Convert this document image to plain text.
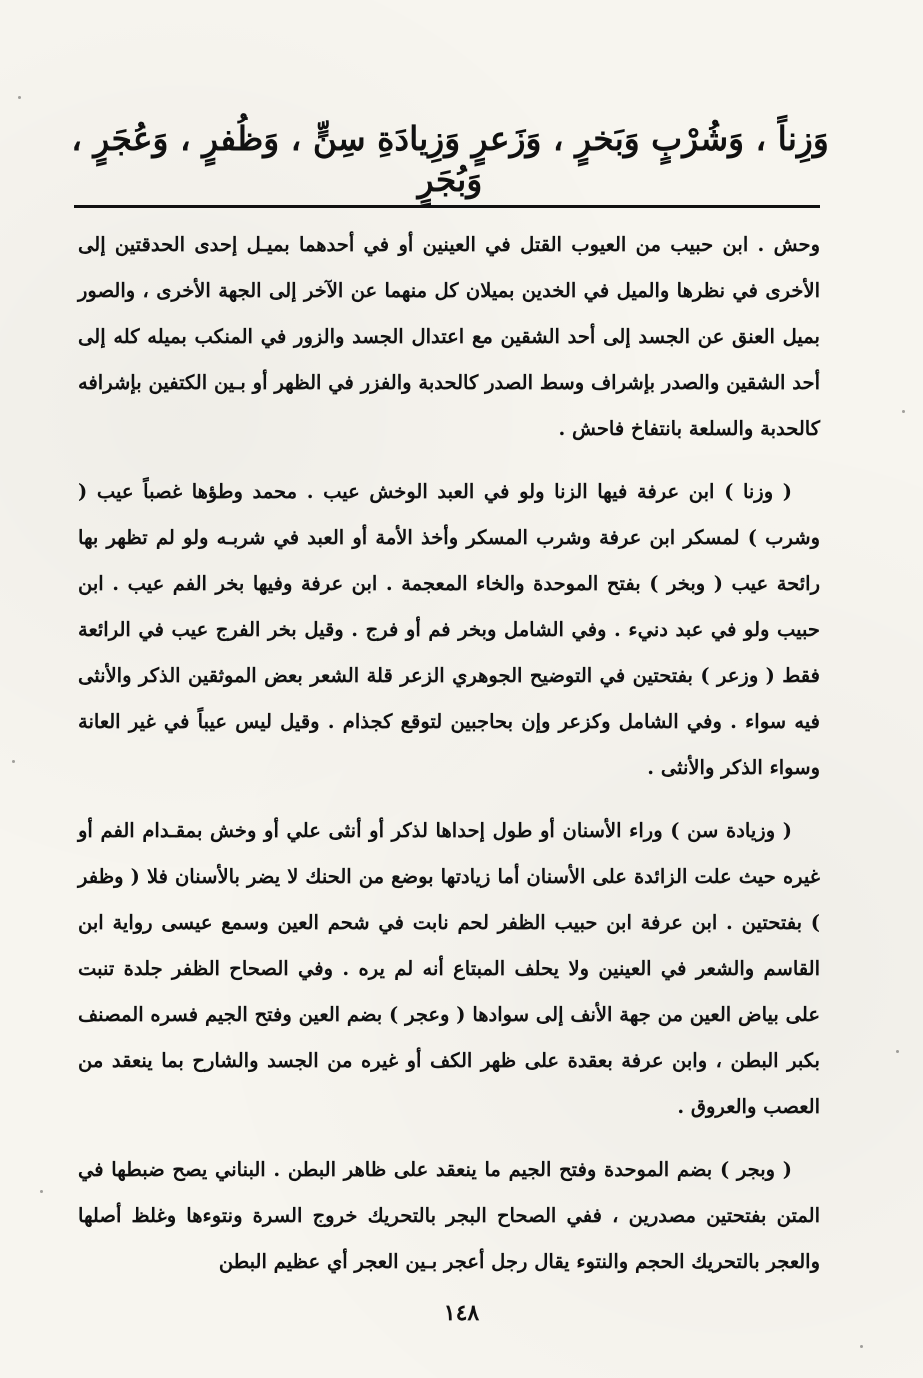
وَزِناً ، وَشُرْبٍ وَبَخرٍ ، وَزَعرٍ وَزِيادَةِ سِنٍّ ، وَظُفرٍ ، وَعُجَرٍ ، وَبُجَرٍ

وحش . ابن حبيب من العيوب القتل في العينين أو في أحدهما بميـل إحدى الحدقتين إلى الأخرى في نظرها والميل في الخدين بميلان كل منهما عن الآخر إلى الجهة الأخرى ، والصور بميل العنق عن الجسد إلى أحد الشقين مع اعتدال الجسد والزور في المنكب بميله كله إلى أحد الشقين والصدر بإشراف وسط الصدر كالحدبة والفزر في الظهر أو بـين الكتفين بإشرافه كالحدبة والسلعة بانتفاخ فاحش .

( وزنا ) ابن عرفة فيها الزنا ولو في العبد الوخش عيب . محمد وطؤها غصباً عيب ( وشرب ) لمسكر ابن عرفة وشرب المسكر وأخذ الأمة أو العبد في شربـه ولو لم تظهر بها رائحة عيب ( وبخر ) بفتح الموحدة والخاء المعجمة . ابن عرفة وفيها بخر الفم عيب . ابن حبيب ولو في عبد دنيء . وفي الشامل وبخر فم أو فرج . وقيل بخر الفرج عيب في الرائعة فقط ( وزعر ) بفتحتين في التوضيح الجوهري الزعر قلة الشعر بعض الموثقين الذكر والأنثى فيه سواء . وفي الشامل وكزعر وإن بحاجبين لتوقع كجذام . وقيل ليس عيباً في غير العانة وسواء الذكر والأنثى .

( وزيادة سن ) وراء الأسنان أو طول إحداها لذكر أو أنثى علي أو وخش بمقـدام الفم أو غيره حيث علت الزائدة على الأسنان أما زيادتها بوضع من الحنك لا يضر بالأسنان فلا ( وظفر ) بفتحتين . ابن عرفة ابن حبيب الظفر لحم نابت في شحم العين وسمع عيسى رواية ابن القاسم والشعر في العينين ولا يحلف المبتاع أنه لم يره . وفي الصحاح الظفر جلدة تنبت على بياض العين من جهة الأنف إلى سوادها ( وعجر ) بضم العين وفتح الجيم فسره المصنف بكبر البطن ، وابن عرفة بعقدة على ظهر الكف أو غيره من الجسد والشارح بما ينعقد من العصب والعروق .

( وبجر ) بضم الموحدة وفتح الجيم ما ينعقد على ظاهر البطن . البناني يصح ضبطها في المتن بفتحتين مصدرين ، ففي الصحاح البجر بالتحريك خروج السرة ونتوءها وغلظ أصلها والعجر بالتحريك الحجم والنتوء يقال رجل أعجر بـين العجر أي عظيم البطن

١٤٨
